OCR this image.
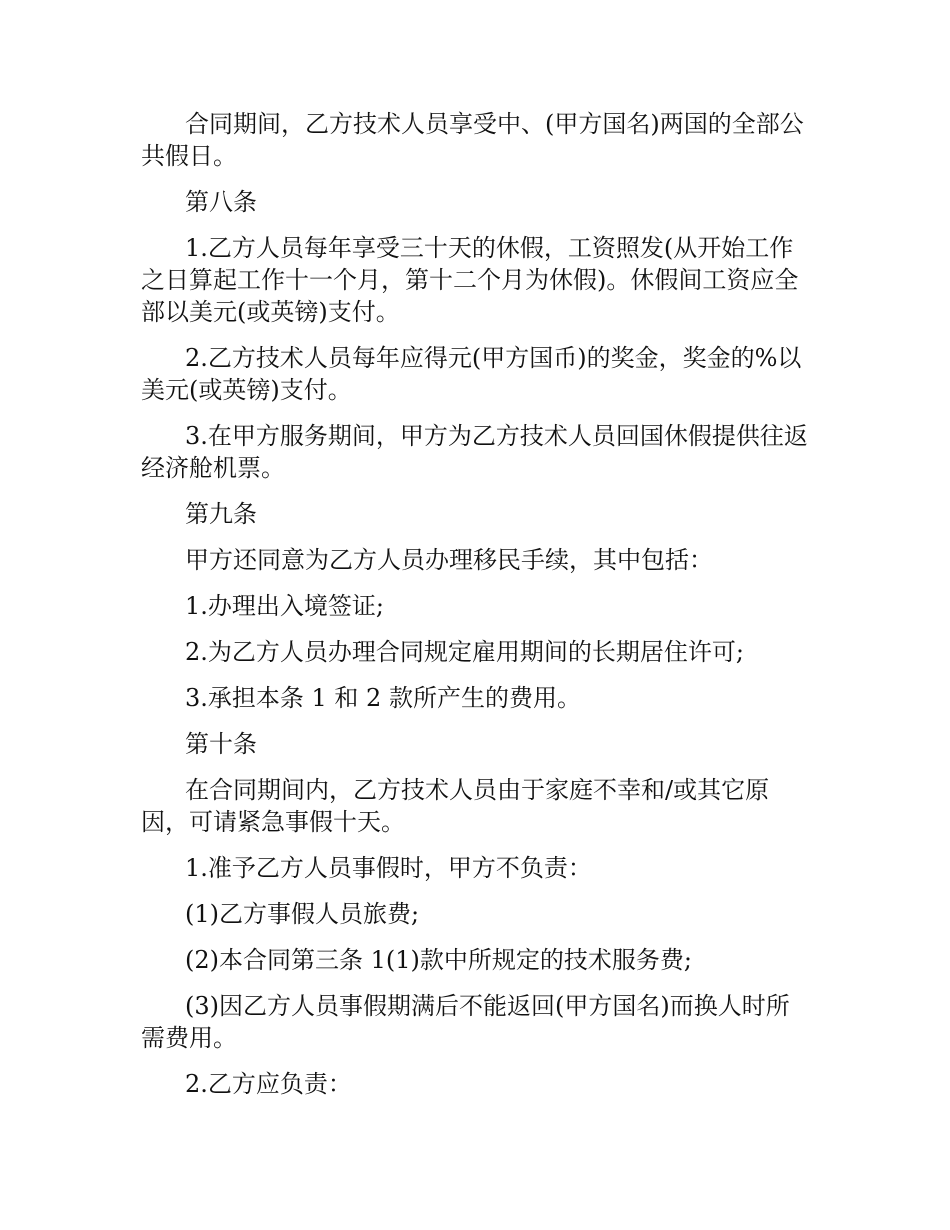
合同期间，乙方技术人员享受中、(甲方国名)两国的全部公共假日。

第八条

1.乙方人员每年享受三十天的休假，工资照发(从开始工作之日算起工作十一个月，第十二个月为休假)。休假间工资应全部以美元(或英镑)支付。

2.乙方技术人员每年应得元(甲方国币)的奖金，奖金的%以美元(或英镑)支付。

3.在甲方服务期间，甲方为乙方技术人员回国休假提供往返经济舱机票。

第九条

甲方还同意为乙方人员办理移民手续，其中包括：

1.办理出入境签证;

2.为乙方人员办理合同规定雇用期间的长期居住许可;

3.承担本条 1 和 2 款所产生的费用。

第十条

在合同期间内，乙方技术人员由于家庭不幸和/或其它原因，可请紧急事假十天。

1.准予乙方人员事假时，甲方不负责：

(1)乙方事假人员旅费;

(2)本合同第三条 1(1)款中所规定的技术服务费;

(3)因乙方人员事假期满后不能返回(甲方国名)而换人时所需费用。

2.乙方应负责：
